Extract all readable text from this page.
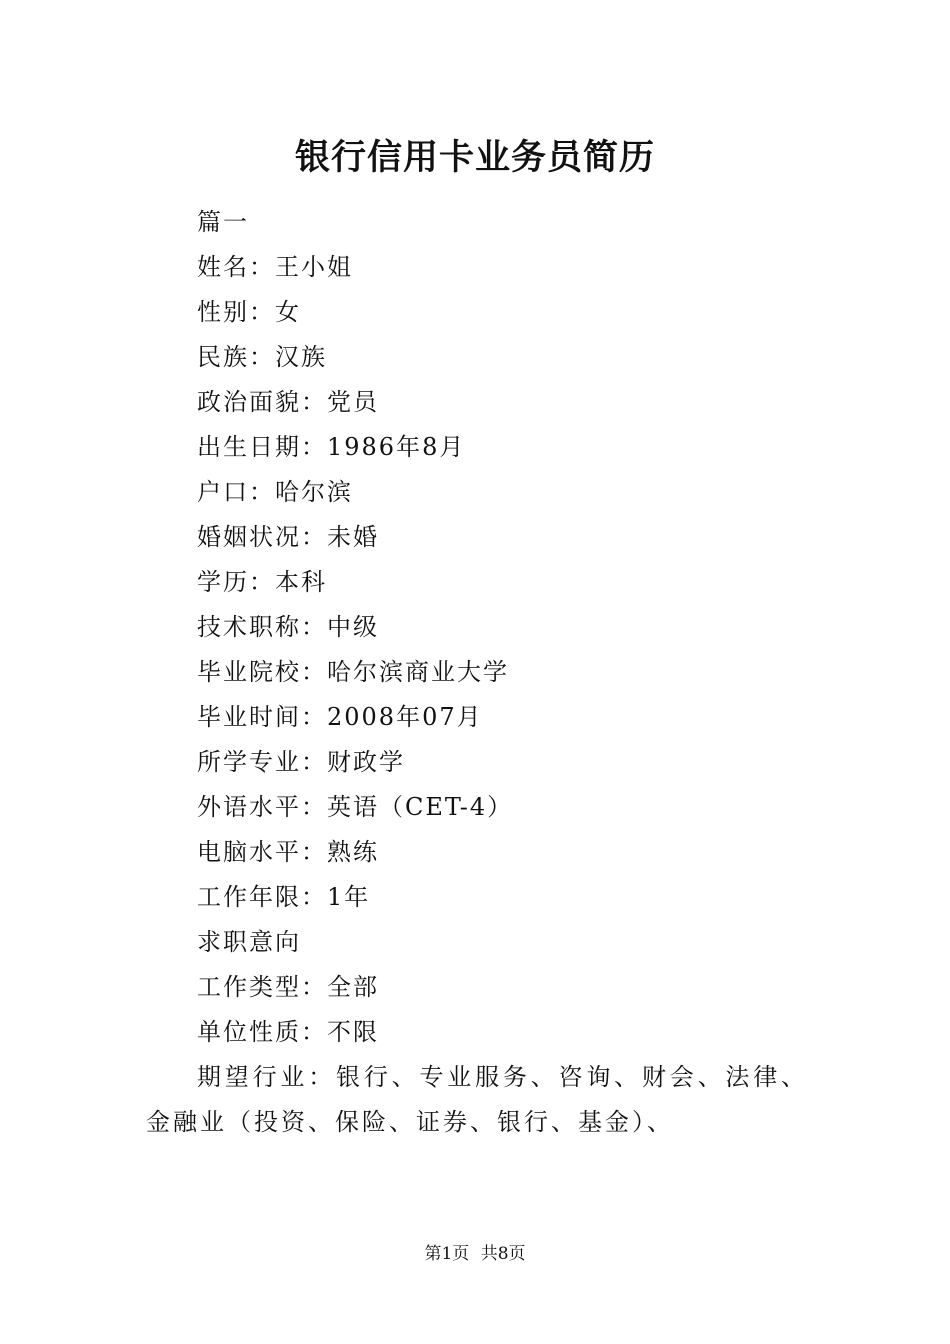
银行信用卡业务员简历
篇一
姓名：王小姐
性别：女
民族：汉族
政治面貌：党员
出生日期：1986年8月
户口：哈尔滨
婚姻状况：未婚
学历：本科
技术职称：中级
毕业院校：哈尔滨商业大学
毕业时间：2008年07月
所学专业：财政学
外语水平：英语（CET-4）
电脑水平：熟练
工作年限：1年
求职意向
工作类型：全部
单位性质：不限
期望行业：银行、专业服务、咨询、财会、法律、金融业（投资、保险、证券、银行、基金）、
第1页 共8页
